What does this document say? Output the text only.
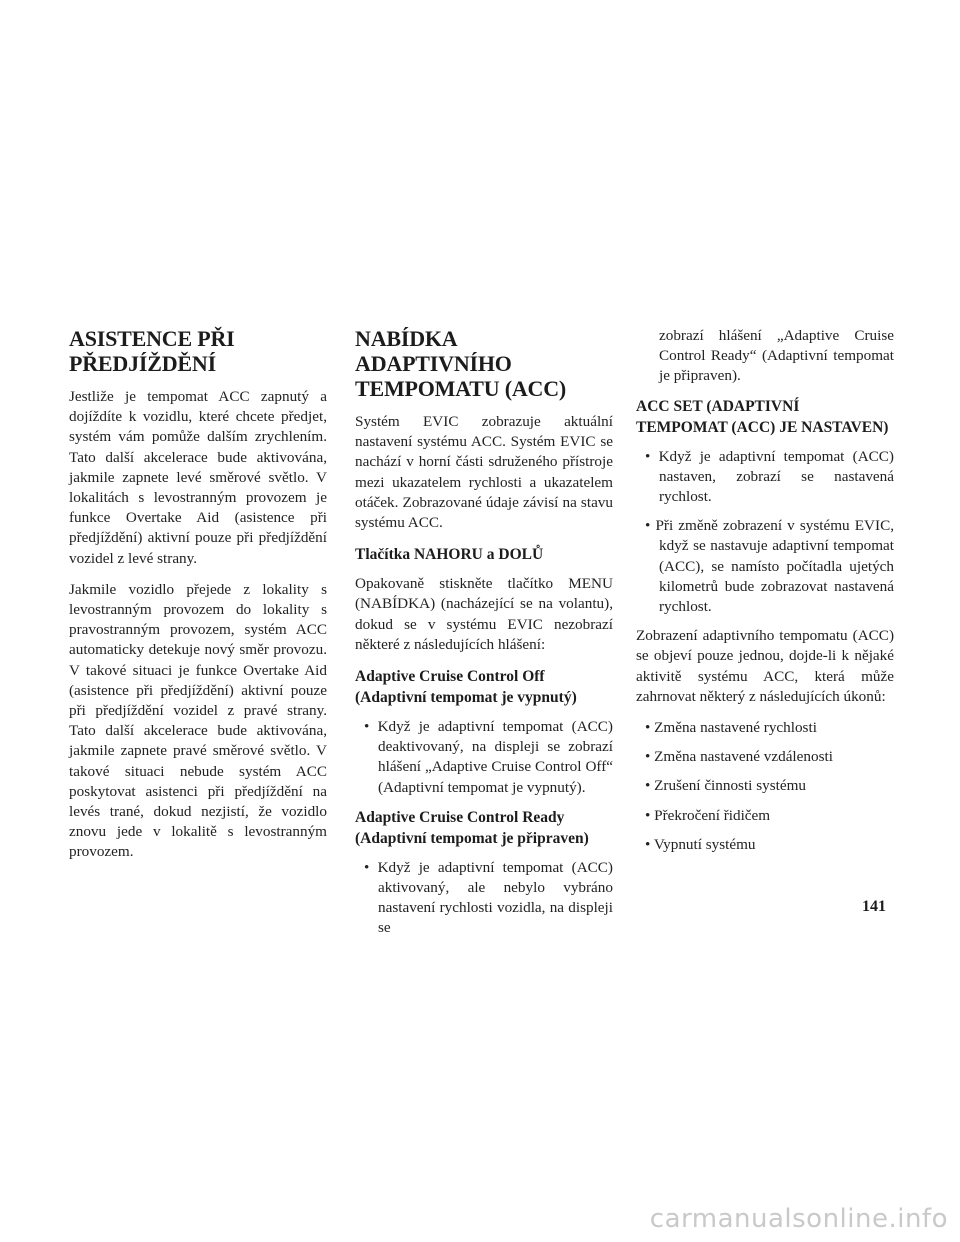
ASISTENCE PŘI PŘEDJÍŽDĚNÍ

Jestliže je tempomat ACC zapnutý a dojíždíte k vozidlu, které chcete předjet, systém vám pomůže dalším zrychlením. Tato další akcelerace bude aktivována, jakmile zapnete levé směrové světlo. V lokalitách s levostranným provozem je funkce Overtake Aid (asistence při předjíždění) aktivní pouze při předjíždění vozidel z levé strany.

Jakmile vozidlo přejede z lokality s levostranným provozem do lokality s pravostranným provozem, systém ACC automaticky detekuje nový směr provozu. V takové situaci je funkce Overtake Aid (asistence při předjíždění) aktivní pouze při předjíždění vozidel z pravé strany. Tato další akcelerace bude aktivována, jakmile zapnete pravé směrové světlo. V takové situaci nebude systém ACC poskytovat asistenci při předjíždění na levés trané, dokud nezjistí, že vozidlo znovu jede v lokalitě s levostranným provozem.

NABÍDKA ADAPTIVNÍHO TEMPOMATU (ACC)

Systém EVIC zobrazuje aktuální nastavení systému ACC. Systém EVIC se nachází v horní části sdruženého přístroje mezi ukazatelem rychlosti a ukazatelem otáček. Zobrazované údaje závisí na stavu systému ACC.

Tlačítka NAHORU a DOLŮ

Opakovaně stiskněte tlačítko MENU (NABÍDKA) (nacházející se na volantu), dokud se v systému EVIC nezobrazí některé z následujících hlášení:

Adaptive Cruise Control Off (Adaptivní tempomat je vypnutý)
• Když je adaptivní tempomat (ACC) deaktivovaný, na displeji se zobrazí hlášení „Adaptive Cruise Control Off“ (Adaptivní tempomat je vypnutý).
Adaptive Cruise Control Ready (Adaptivní tempomat je připraven)
• Když je adaptivní tempomat (ACC) aktivovaný, ale nebylo vybráno nastavení rychlosti vozidla, na displeji se
zobrazí hlášení „Adaptive Cruise Control Ready“ (Adaptivní tempomat je připraven).
ACC SET (ADAPTIVNÍ TEMPOMAT (ACC) JE NASTAVEN)
• Když je adaptivní tempomat (ACC) nastaven, zobrazí se nastavená rychlost.
• Při změně zobrazení v systému EVIC, když se nastavuje adaptivní tempomat (ACC), se namísto počítadla ujetých kilometrů bude zobrazovat nastavená rychlost.

Zobrazení adaptivního tempomatu (ACC) se objeví pouze jednou, dojde-li k nějaké aktivitě systému ACC, která může zahrnovat některý z následujících úkonů:

• Změna nastavené rychlosti
• Změna nastavené vzdálenosti
• Zrušení činnosti systému
• Překročení řidičem
• Vypnutí systému
141
carmanualsonline.info
